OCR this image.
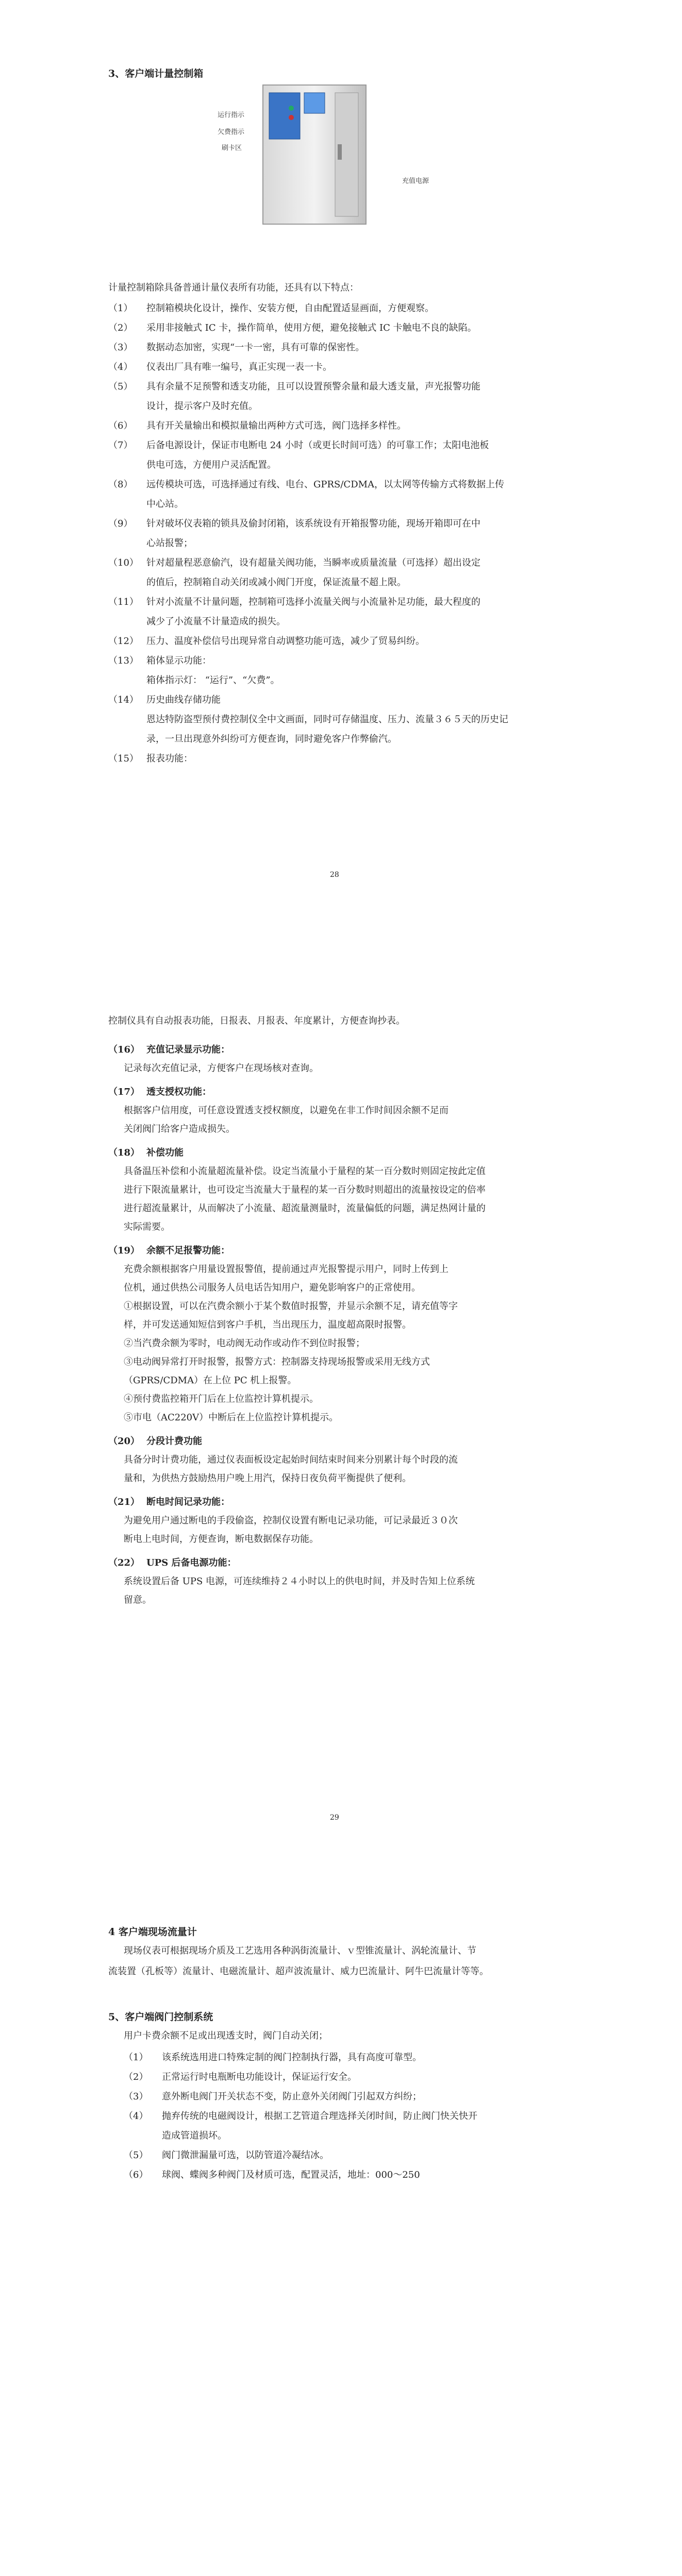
3、客户端计量控制箱
运行指示
欠费指示
刷卡区
充值电源
计量控制箱除具备普通计量仪表所有功能，还具有以下特点：
（1） 控制箱模块化设计，操作、安装方便，自由配置适显画面，方便观察。
（2） 采用非接触式 IC 卡，操作简单，使用方便，避免接触式 IC 卡触电不良的缺陷。
（3） 数据动态加密，实现“一卡一密，具有可靠的保密性。
（4） 仪表出厂具有唯一编号，真正实现一表一卡。
（5） 具有余量不足预警和透支功能，且可以设置预警余量和最大透支量，声光报警功能
设计，提示客户及时充值。
（6） 具有开关量输出和模拟量输出两种方式可选，阀门选择多样性。
（7） 后备电源设计，保证市电断电 24 小时（或更长时间可选）的可靠工作；太阳电池板
供电可选，方便用户灵活配置。
（8） 远传模块可选，可选择通过有线、电台、GPRS/CDMA，以太网等传输方式将数据上传
中心站。
（9） 针对破坏仪表箱的锁具及偷封闭箱，该系统设有开箱报警功能，现场开箱即可在中
心站报警；
（10） 针对超量程恶意偷汽，设有超量关阀功能，当瞬率或质量流量（可选择）超出设定
的值后，控制箱自动关闭或减小阀门开度，保证流量不超上限。
（11） 针对小流量不计量问题，控制箱可选择小流量关阀与小流量补足功能，最大程度的
减少了小流量不计量造成的损失。
（12） 压力、温度补偿信号出现异常自动调整功能可选，减少了贸易纠纷。
（13） 箱体显示功能：
箱体指示灯： “运行”、“欠费”。
（14） 历史曲线存储功能
恩达特防盗型预付费控制仪全中文画面，同时可存储温度、压力、流量３６５天的历史记
录，一旦出现意外纠纷可方便查询，同时避免客户作弊偷汽。
（15） 报表功能：
28
控制仪具有自动报表功能，日报表、月报表、年度累计，方便查询抄表。
（16） 充值记录显示功能：
记录每次充值记录，方便客户在现场核对查询。
（17） 透支授权功能：
根据客户信用度，可任意设置透支授权额度，以避免在非工作时间因余额不足而
关闭阀门给客户造成损失。
（18） 补偿功能
具备温压补偿和小流量超流量补偿。设定当流量小于量程的某一百分数时则固定按此定值
进行下限流量累计，也可设定当流量大于量程的某一百分数时则超出的流量按设定的倍率
进行超流量累计，从而解决了小流量、超流量测量时，流量偏低的问题，满足热网计量的
实际需要。
（19） 余额不足报警功能：
充费余额根据客户用量设置报警值，提前通过声光报警提示用户，同时上传到上
位机，通过供热公司服务人员电话告知用户，避免影响客户的正常使用。
①根据设置，可以在汽费余额小于某个数值时报警，并显示余额不足，请充值等字
样，并可发送通知短信到客户手机，当出现压力，温度超高限时报警。
②当汽费余额为零时，电动阀无动作或动作不到位时报警；
③电动阀异常打开时报警，报警方式：控制器支持现场报警或采用无线方式
（GPRS/CDMA）在上位 PC 机上报警。
④预付费监控箱开门后在上位监控计算机提示。
⑤市电（AC220V）中断后在上位监控计算机提示。
（20） 分段计费功能
具备分时计费功能，通过仪表面板设定起始时间结束时间来分别累计每个时段的流
量和，为供热方鼓励热用户晚上用汽，保持日夜负荷平衡提供了便利。
（21） 断电时间记录功能：
为避免用户通过断电的手段偷盗，控制仪设置有断电记录功能，可记录最近３０次
断电上电时间，方便查询，断电数据保存功能。
（22） UPS 后备电源功能：
系统设置后备 UPS 电源，可连续维持２４小时以上的供电时间，并及时告知上位系统
留意。
29
4 客户端现场流量计
现场仪表可根据现场介质及工艺选用各种涡街流量计、ｖ型锥流量计、涡轮流量计、节
流装置（孔板等）流量计、电磁流量计、超声波流量计、威力巴流量计、阿牛巴流量计等等。
5、客户端阀门控制系统
用户卡费余额不足或出现透支时，阀门自动关闭；
（1） 该系统选用进口特殊定制的阀门控制执行器，具有高度可靠型。
（2） 正常运行时电瓶断电功能设计，保证运行安全。
（3） 意外断电阀门开关状态不变，防止意外关闭阀门引起双方纠纷；
（4） 抛弃传统的电磁阀设计，根据工艺管道合理选择关闭时间，防止阀门快关快开
造成管道损坏。
（5） 阀门微泄漏量可选，以防管道冷凝结冰。
（6） 球阀、蝶阀多种阀门及材质可选，配置灵活，地址：000～250
